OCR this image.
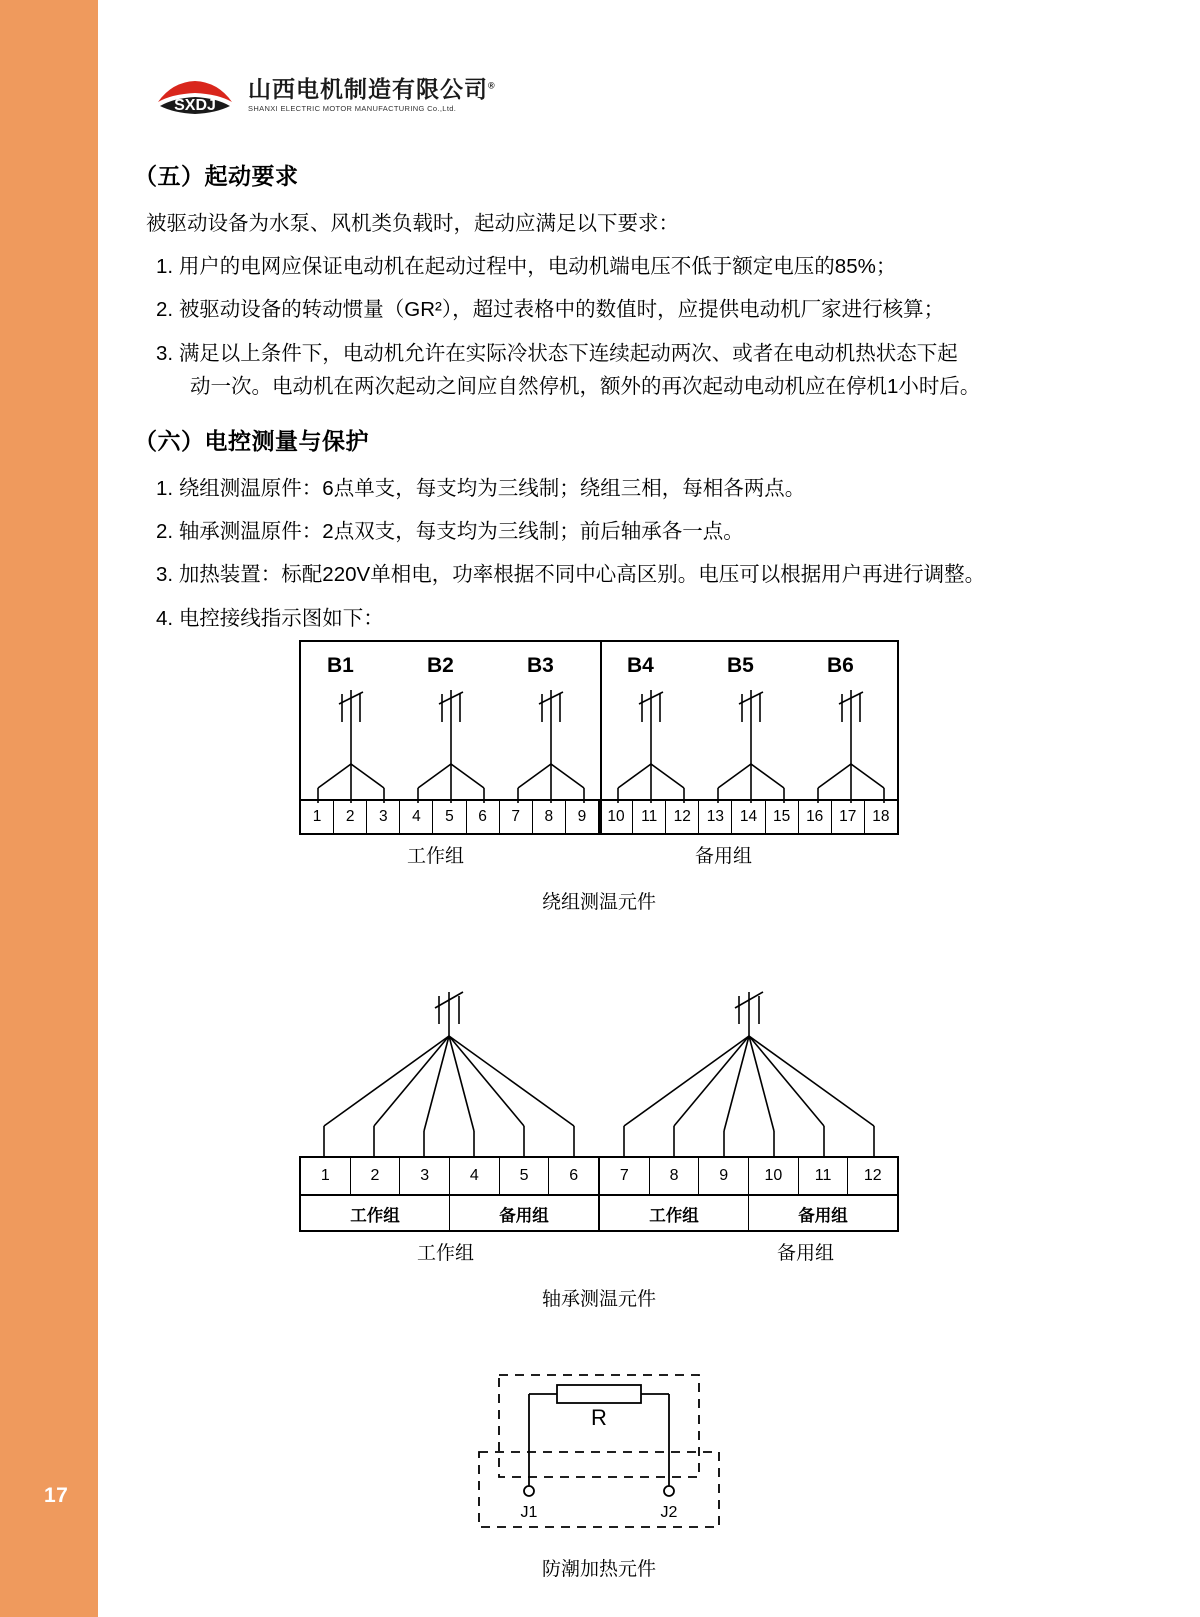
17
SXDJ
山西电机制造有限公司®
SHANXI ELECTRIC MOTOR MANUFACTURING Co.,Ltd.
（五）起动要求

被驱动设备为水泵、风机类负载时，起动应满足以下要求：

1. 用户的电网应保证电动机在起动过程中，电动机端电压不低于额定电压的85%；

2. 被驱动设备的转动惯量（GR²），超过表格中的数值时，应提供电动机厂家进行核算；

3. 满足以上条件下，电动机允许在实际冷状态下连续起动两次、或者在电动机热状态下起
动一次。电动机在两次起动之间应自然停机，额外的再次起动电动机应在停机1小时后。

（六）电控测量与保护

1. 绕组测温原件：6点单支，每支均为三线制；绕组三相，每相各两点。

2. 轴承测温原件：2点双支，每支均为三线制；前后轴承各一点。

3. 加热装置：标配220V单相电，功率根据不同中心高区别。电压可以根据用户再进行调整。

4. 电控接线指示图如下：

B1	B2	B3	B4	B5	B6
1	2	3	4	5	6	7	8	9	10	11	12	13	14	15	16	17	18
工作组	备用组
绕组测温元件
1	2	3	4	5	6	7	8	9	10	11	12
工作组	备用组	工作组	备用组
工作组	备用组
轴承测温元件
R
J1	J2
防潮加热元件
